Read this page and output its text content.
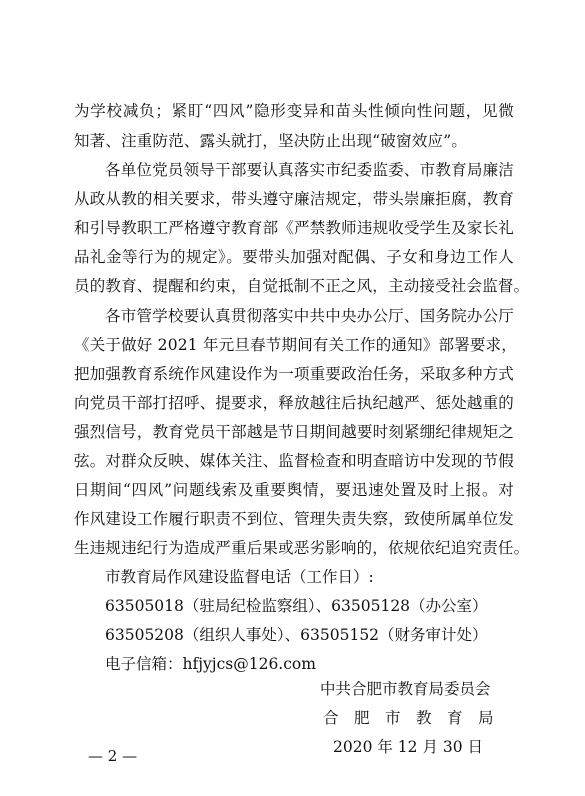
为学校减负；紧盯“四风”隐形变异和苗头性倾向性问题，见微
知著、注重防范、露头就打，坚决防止出现“破窗效应”。
各单位党员领导干部要认真落实市纪委监委、市教育局廉洁
从政从教的相关要求，带头遵守廉洁规定，带头崇廉拒腐，教育
和引导教职工严格遵守教育部《严禁教师违规收受学生及家长礼
品礼金等行为的规定》。要带头加强对配偶、子女和身边工作人
员的教育、提醒和约束，自觉抵制不正之风，主动接受社会监督。
各市管学校要认真贯彻落实中共中央办公厅、国务院办公厅
《关于做好 2021 年元旦春节期间有关工作的通知》部署要求，
把加强教育系统作风建设作为一项重要政治任务，采取多种方式
向党员干部打招呼、提要求，释放越往后执纪越严、惩处越重的
强烈信号，教育党员干部越是节日期间越要时刻紧绷纪律规矩之
弦。对群众反映、媒体关注、监督检查和明查暗访中发现的节假
日期间“四风”问题线索及重要舆情，要迅速处置及时上报。对
作风建设工作履行职责不到位、管理失责失察，致使所属单位发
生违规违纪行为造成严重后果或恶劣影响的，依规依纪追究责任。
市教育局作风建设监督电话（工作日）:
63505018（驻局纪检监察组）、63505128（办公室）
63505208（组织人事处）、63505152（财务审计处）
电子信箱：hfjyjcs@126.com
中共合肥市教育局委员会
合　肥　市　教　育　局
2020 年 12 月 30 日
— 2 —
